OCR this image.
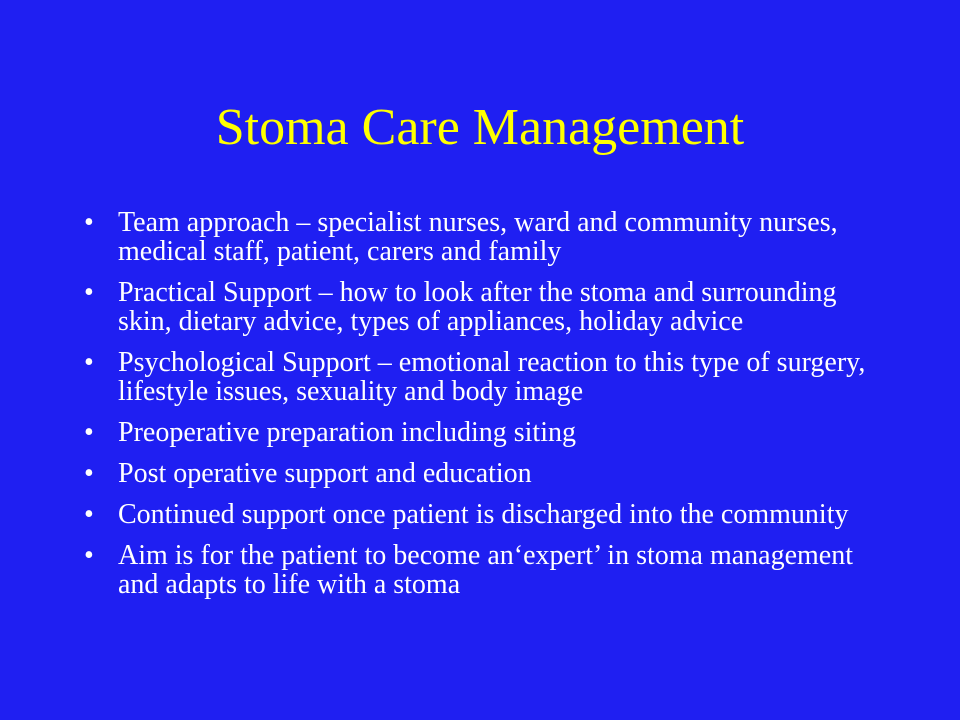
Stoma Care Management
• Team approach – specialist nurses, ward and community nurses, medical staff, patient, carers and family
• Practical Support – how to look after the stoma and surrounding skin, dietary advice, types of appliances, holiday advice
• Psychological Support – emotional reaction to this type of surgery, lifestyle issues, sexuality and body image
• Preoperative preparation including siting
• Post operative support and education
• Continued support once patient is discharged into the community
• Aim is for the patient to become an‘expert’ in stoma management and adapts to life with a stoma
